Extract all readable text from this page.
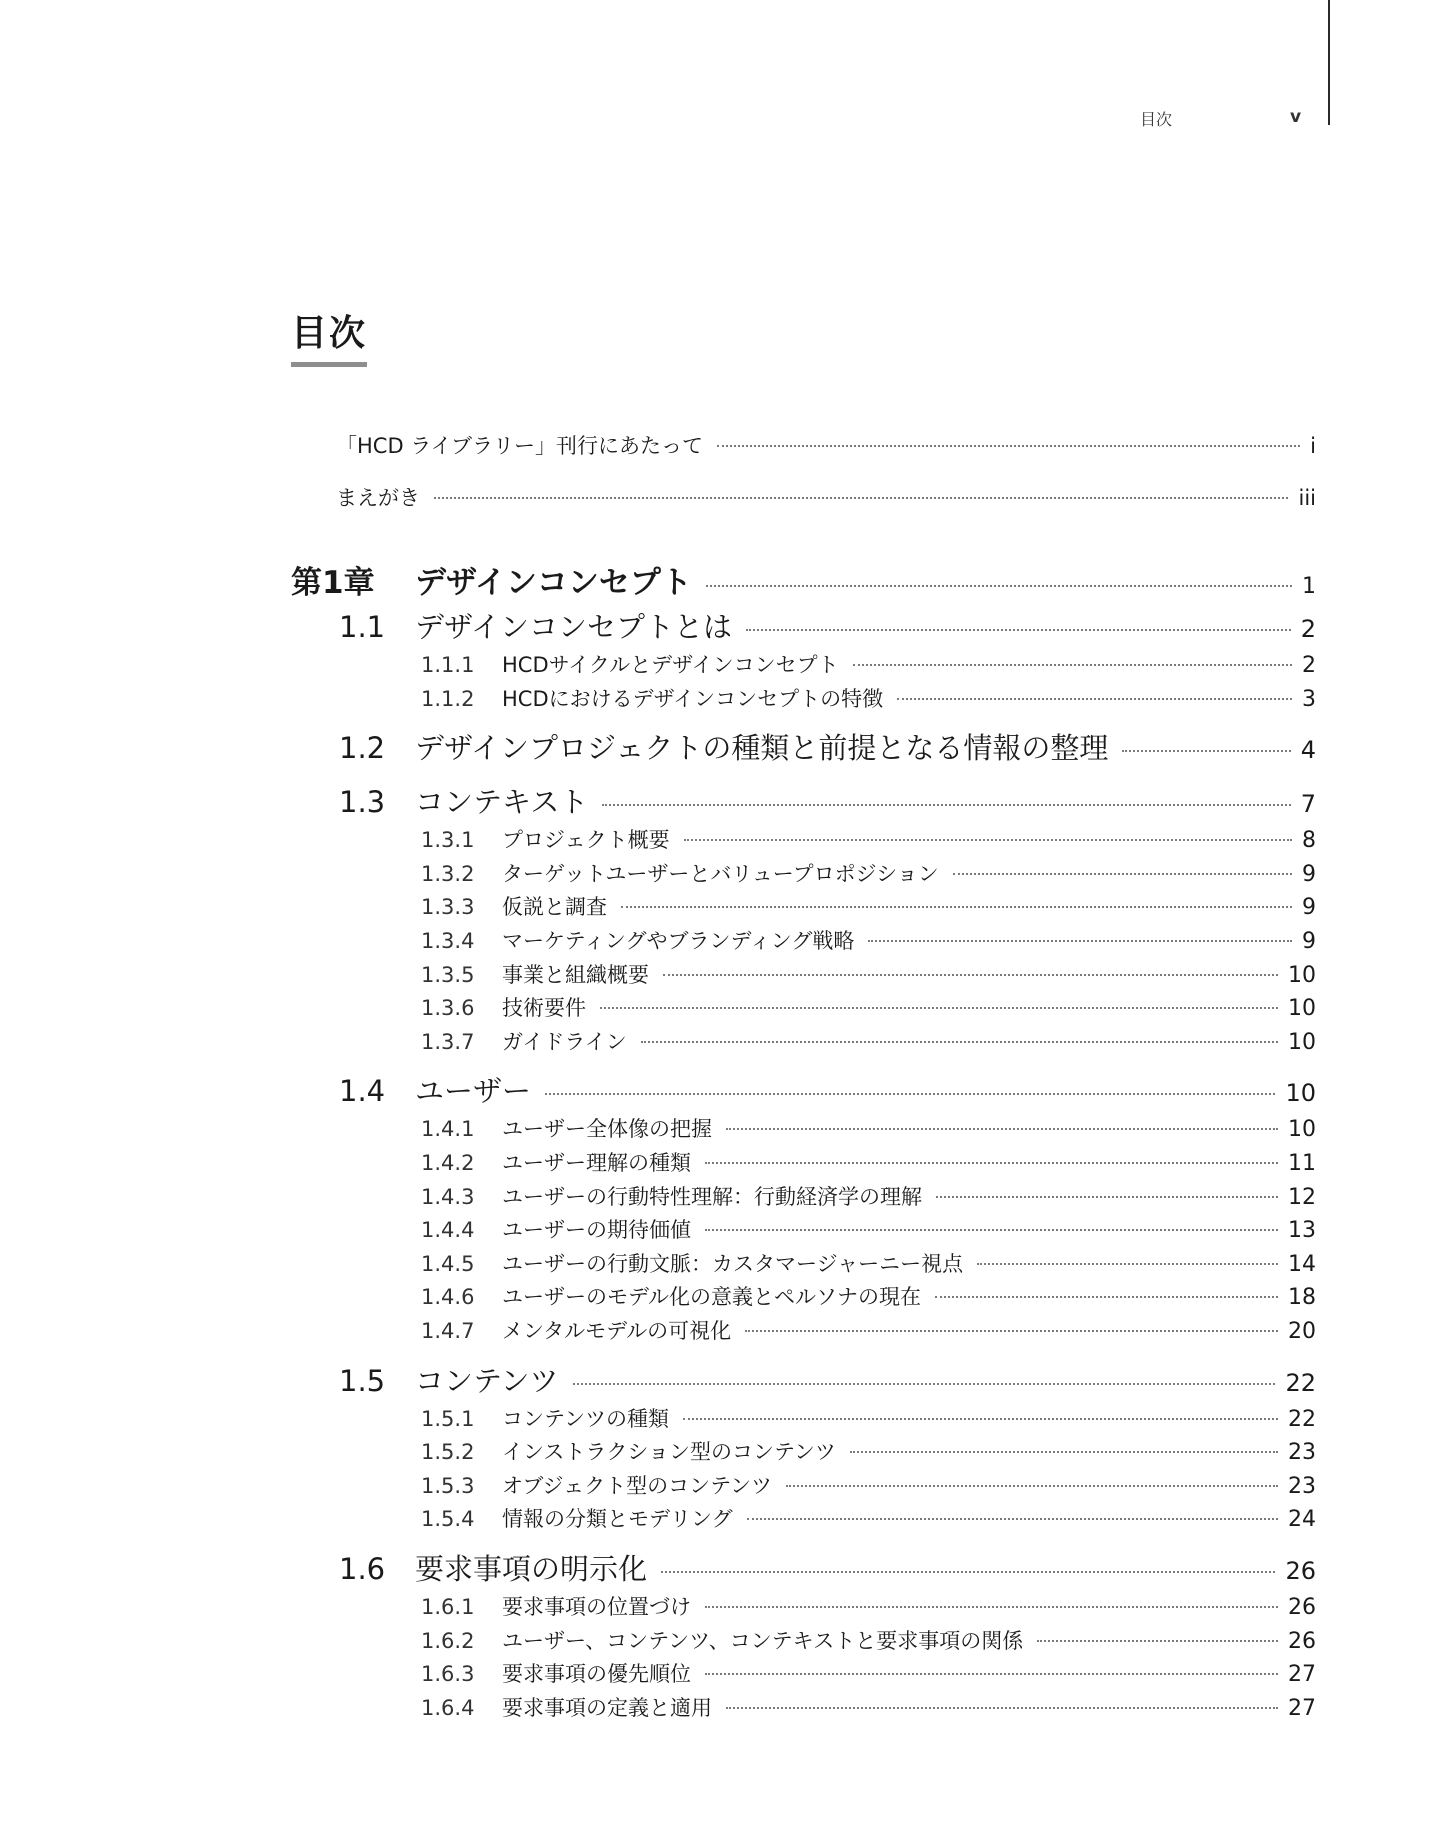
目次	v
目次
「HCD ライブラリー」刊行にあたって	i
まえがき	iii
第1章	デザインコンセプト	1
1.1	デザインコンセプトとは	2
1.1.1	HCDサイクルとデザインコンセプト	2
1.1.2	HCDにおけるデザインコンセプトの特徴	3
1.2	デザインプロジェクトの種類と前提となる情報の整理	4
1.3	コンテキスト	7
1.3.1	プロジェクト概要	8
1.3.2	ターゲットユーザーとバリュープロポジション	9
1.3.3	仮説と調査	9
1.3.4	マーケティングやブランディング戦略	9
1.3.5	事業と組織概要	10
1.3.6	技術要件	10
1.3.7	ガイドライン	10
1.4	ユーザー	10
1.4.1	ユーザー全体像の把握	10
1.4.2	ユーザー理解の種類	11
1.4.3	ユーザーの行動特性理解：行動経済学の理解	12
1.4.4	ユーザーの期待価値	13
1.4.5	ユーザーの行動文脈：カスタマージャーニー視点	14
1.4.6	ユーザーのモデル化の意義とペルソナの現在	18
1.4.7	メンタルモデルの可視化	20
1.5	コンテンツ	22
1.5.1	コンテンツの種類	22
1.5.2	インストラクション型のコンテンツ	23
1.5.3	オブジェクト型のコンテンツ	23
1.5.4	情報の分類とモデリング	24
1.6	要求事項の明示化	26
1.6.1	要求事項の位置づけ	26
1.6.2	ユーザー、コンテンツ、コンテキストと要求事項の関係	26
1.6.3	要求事項の優先順位	27
1.6.4	要求事項の定義と適用	27
